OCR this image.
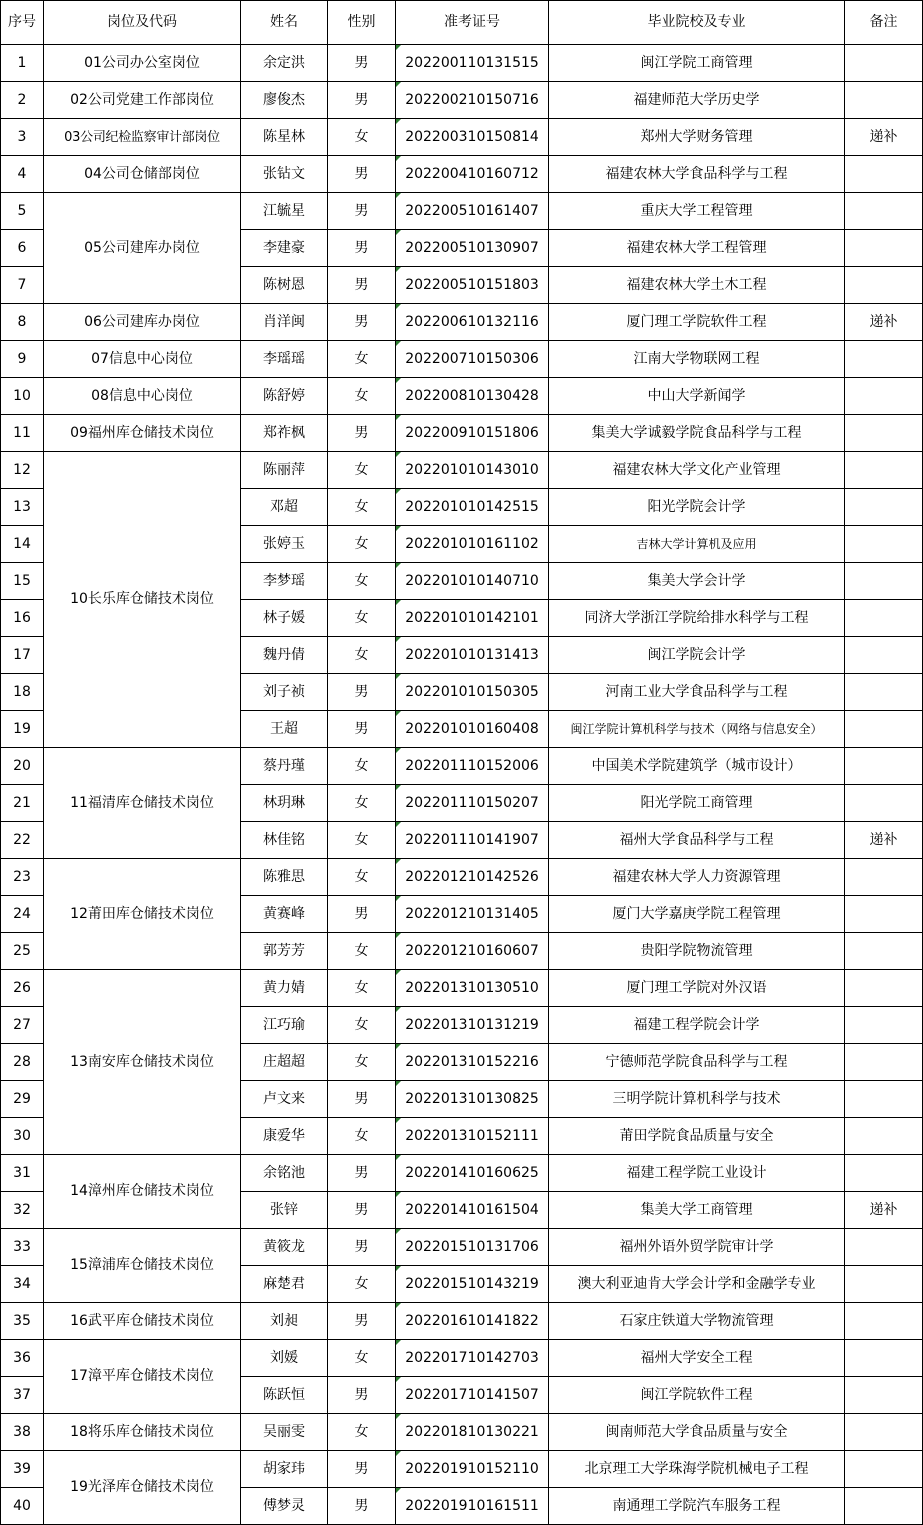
序号	岗位及代码	姓名	性别	准考证号	毕业院校及专业	备注
1	01公司办公室岗位	余定洪	男	202200110131515	闽江学院工商管理	
2	02公司党建工作部岗位	廖俊杰	男	202200210150716	福建师范大学历史学	
3	03公司纪检监察审计部岗位	陈星林	女	202200310150814	郑州大学财务管理	递补
4	04公司仓储部岗位	张钻文	男	202200410160712	福建农林大学食品科学与工程	
5	05公司建库办岗位	江毓星	男	202200510161407	重庆大学工程管理	
6		李建豪	男	202200510130907	福建农林大学工程管理	
7		陈树恩	男	202200510151803	福建农林大学土木工程	
8	06公司建库办岗位	肖洋闽	男	202200610132116	厦门理工学院软件工程	递补
9	07信息中心岗位	李瑶瑶	女	202200710150306	江南大学物联网工程	
10	08信息中心岗位	陈舒婷	女	202200810130428	中山大学新闻学	
11	09福州库仓储技术岗位	郑祚枫	男	202200910151806	集美大学诚毅学院食品科学与工程	
12	10长乐库仓储技术岗位	陈丽萍	女	202201010143010	福建农林大学文化产业管理	
13		邓超	女	202201010142515	阳光学院会计学	
14		张婷玉	女	202201010161102	吉林大学计算机及应用	
15		李梦瑶	女	202201010140710	集美大学会计学	
16		林子媛	女	202201010142101	同济大学浙江学院给排水科学与工程	
17		魏丹倩	女	202201010131413	闽江学院会计学	
18		刘子祯	男	202201010150305	河南工业大学食品科学与工程	
19		王超	男	202201010160408	闽江学院计算机科学与技术（网络与信息安全）	
20	11福清库仓储技术岗位	蔡丹瑾	女	202201110152006	中国美术学院建筑学（城市设计）	
21		林玥琳	女	202201110150207	阳光学院工商管理	
22		林佳铭	女	202201110141907	福州大学食品科学与工程	递补
23	12莆田库仓储技术岗位	陈雅思	女	202201210142526	福建农林大学人力资源管理	
24		黄赛峰	男	202201210131405	厦门大学嘉庚学院工程管理	
25		郭芳芳	女	202201210160607	贵阳学院物流管理	
26	13南安库仓储技术岗位	黄力婧	女	202201310130510	厦门理工学院对外汉语	
27		江巧瑜	女	202201310131219	福建工程学院会计学	
28		庄超超	女	202201310152216	宁德师范学院食品科学与工程	
29		卢文来	男	202201310130825	三明学院计算机科学与技术	
30		康爱华	女	202201310152111	莆田学院食品质量与安全	
31	14漳州库仓储技术岗位	余铭池	男	202201410160625	福建工程学院工业设计	
32		张锌	男	202201410161504	集美大学工商管理	递补
33	15漳浦库仓储技术岗位	黄筱龙	男	202201510131706	福州外语外贸学院审计学	
34		麻楚君	女	202201510143219	澳大利亚迪肯大学会计学和金融学专业	
35	16武平库仓储技术岗位	刘昶	男	202201610141822	石家庄铁道大学物流管理	
36	17漳平库仓储技术岗位	刘媛	女	202201710142703	福州大学安全工程	
37		陈跃恒	男	202201710141507	闽江学院软件工程	
38	18将乐库仓储技术岗位	吴丽雯	女	202201810130221	闽南师范大学食品质量与安全	
39	19光泽库仓储技术岗位	胡家玮	男	202201910152110	北京理工大学珠海学院机械电子工程	
40		傅梦灵	男	202201910161511	南通理工学院汽车服务工程	
